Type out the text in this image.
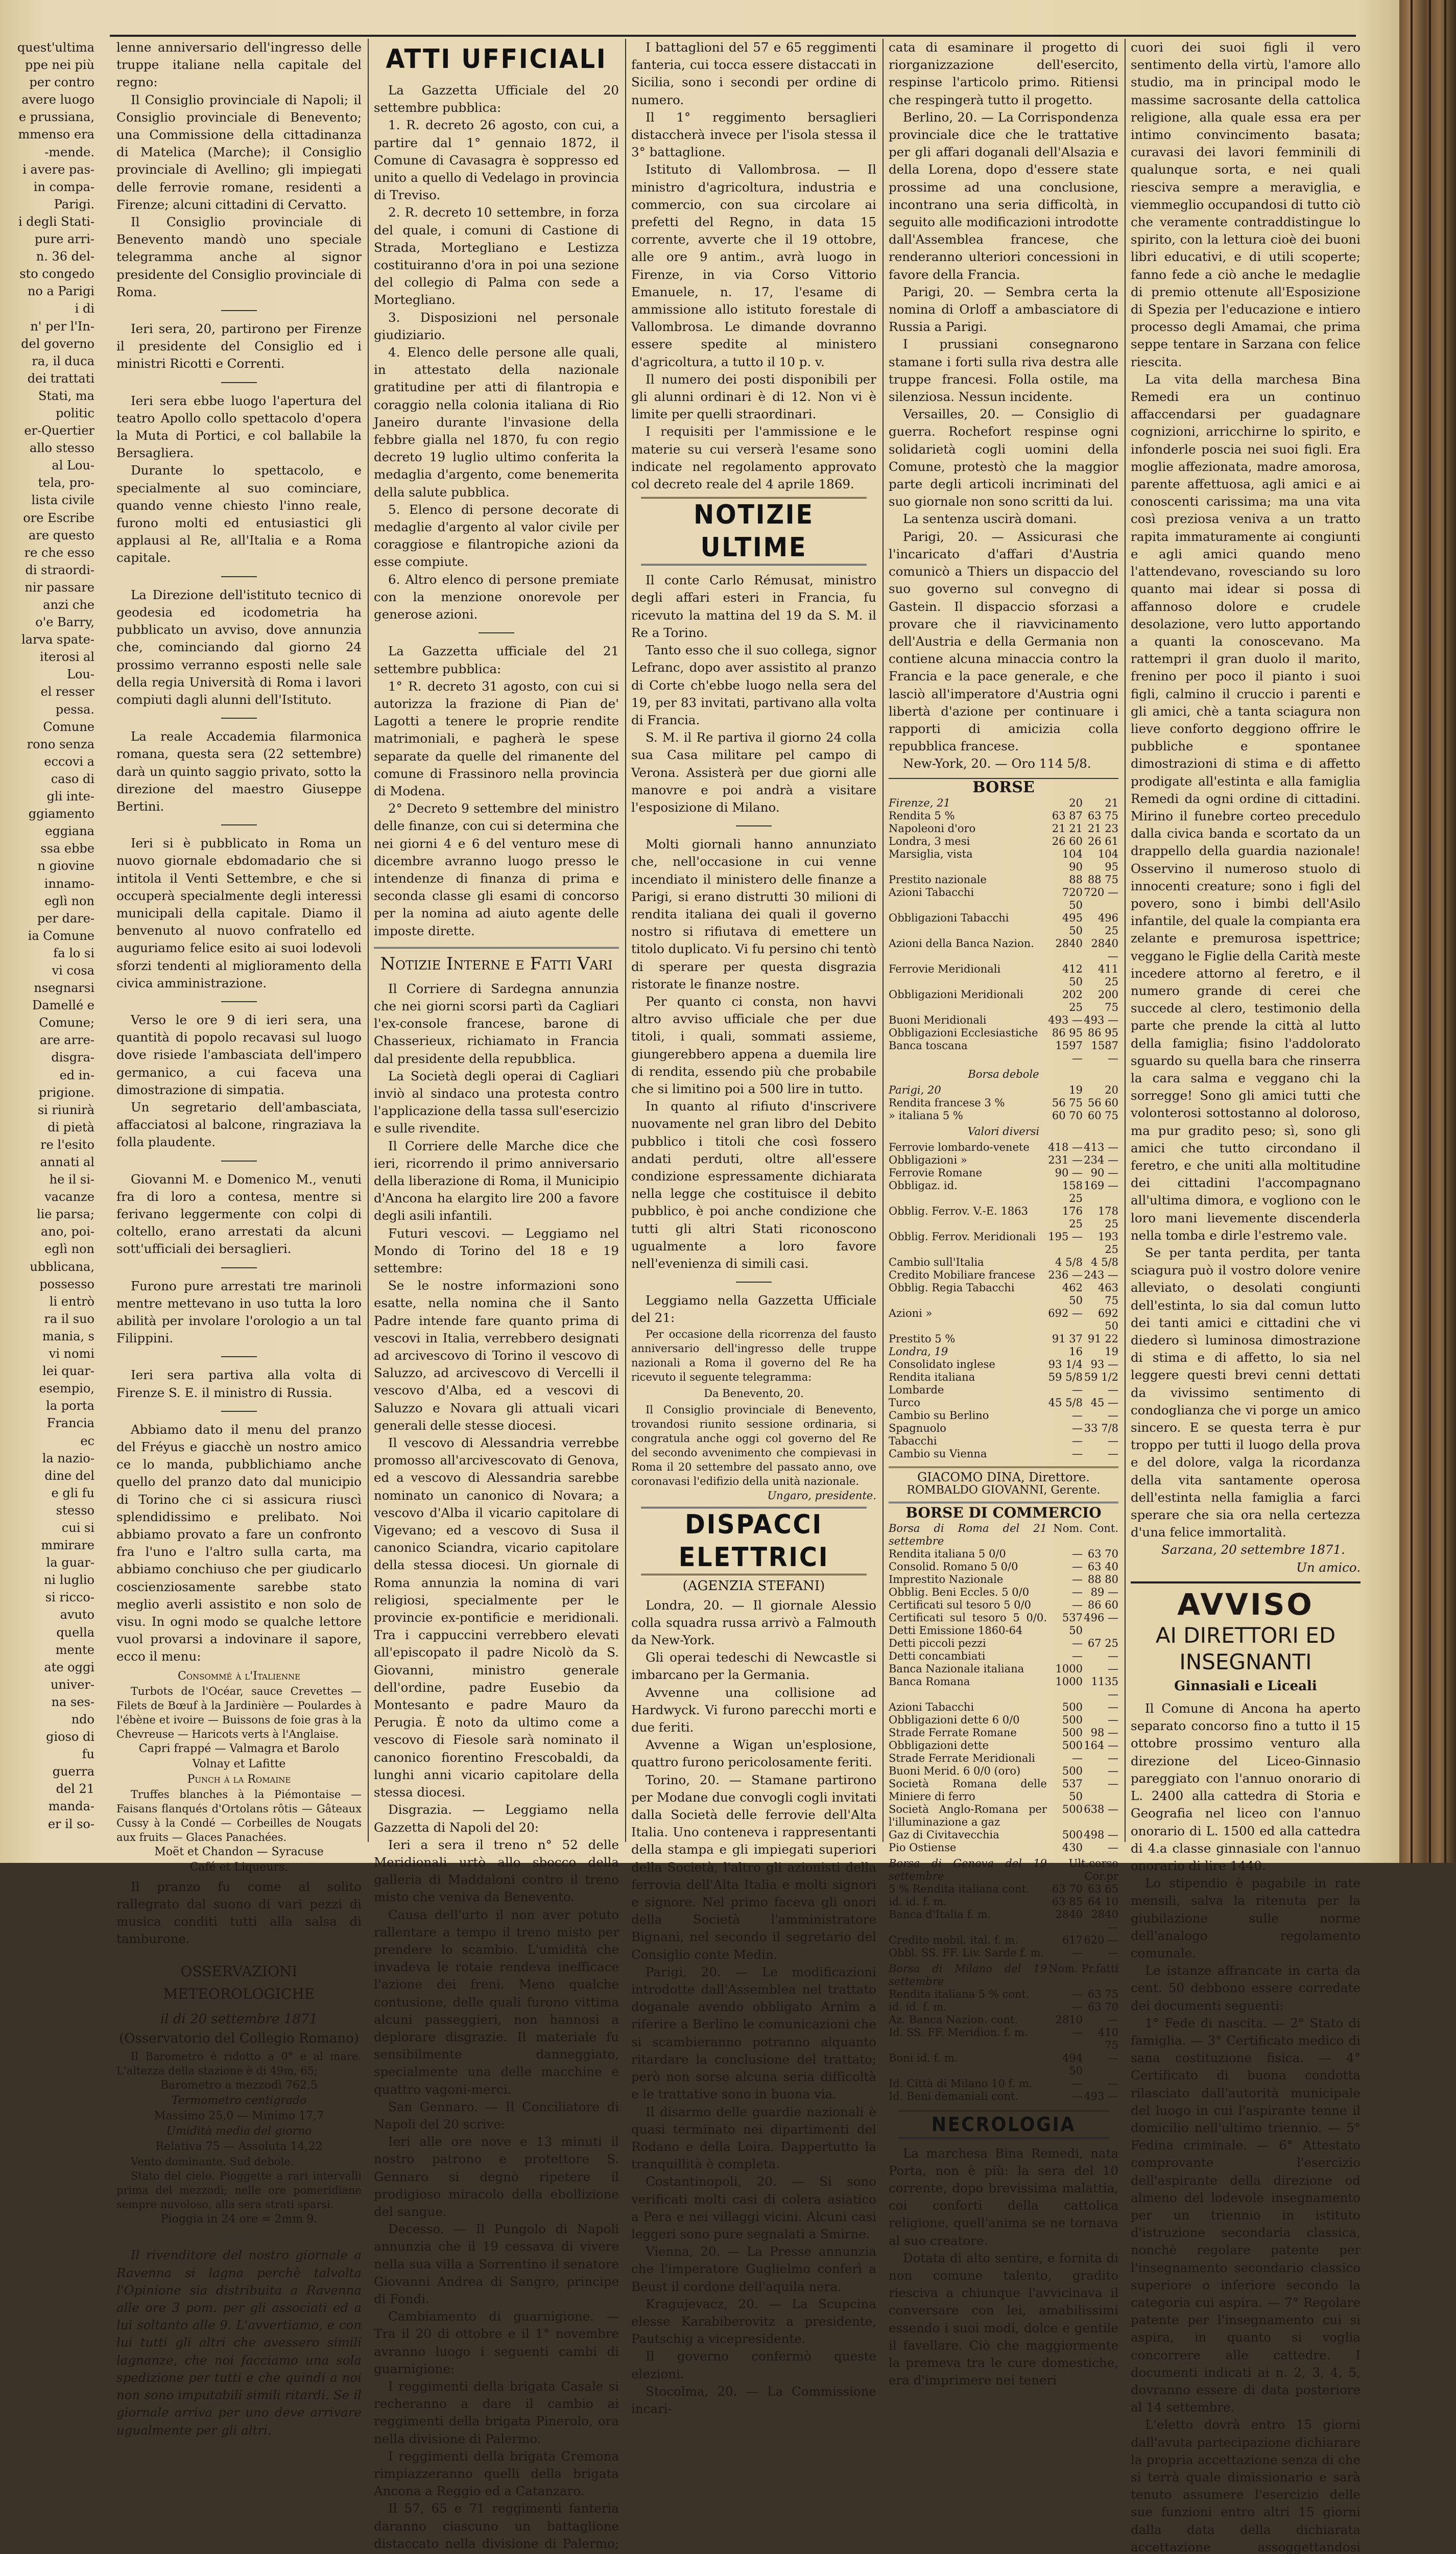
quest'ultima
ppe nei più
per contro
avere luogo
e prussiana,
mmenso era
-mende.
i avere pas-
in compa-
Parigi.
i degli Stati-
pure arri-
n. 36 del-
sto congedo
no a Parigi
i di
n' per l'In-
del governo
ra, il duca
dei trattati
Stati, ma
politic
er-Quertier
allo stesso
al Lou-
tela, pro-
lista civile
ore Escribe
are questo
re che esso
di straordi-
nir passare
anzi che
o'e Barry,
larva spate-
iterosi al
Lou-
el resser
pessa.
Comune
rono senza
eccovi a
caso di
gli inte-
ggiamento
eggiana
ssa ebbe
n giovine
innamo-
eglì non
per dare-
ia Comune
fa lo si
vi cosa
nsegnarsi
Damellé e
Comune;
are arre-
disgra-
ed in-
prigione.
si riunirà
di pietà
re l'esito
annati al
he il si-
vacanze
lie parsa;
ano, poi-
eglì non
ubblicana,
possesso
li entrò
ra il suo
mania, s
vi nomi
lei quar-
esempio,
la porta
Francia
ec
la nazio-
dine del
e gli fu
stesso
cui si
mmirare
la guar-
ni luglio
si ricco-
avuto
quella
mente
ate oggi
univer-
na ses-
ndo
gioso di
fu
guerra
del 21
manda-
er il so-

lenne anniversario dell'ingresso delle truppe italiane nella capitale del regno:

Il Consiglio provinciale di Napoli; il Consiglio provinciale di Benevento; una Commissione della cittadinanza di Matelica (Marche); il Consiglio provinciale di Avellino; gli impiegati delle ferrovie romane, residenti a Firenze; alcuni cittadini di Cervatto.

Il Consiglio provinciale di Benevento mandò uno speciale telegramma anche al signor presidente del Consiglio provinciale di Roma.

Ieri sera, 20, partirono per Firenze il presidente del Consiglio ed i ministri Ricotti e Correnti.

Ieri sera ebbe luogo l'apertura del teatro Apollo collo spettacolo d'opera la Muta di Portici, e col ballabile la Bersagliera.

Durante lo spettacolo, e specialmente al suo cominciare, quando venne chiesto l'inno reale, furono molti ed entusiastici gli applausi al Re, all'Italia e a Roma capitale.

La Direzione dell'istituto tecnico di geodesia ed icodometria ha pubblicato un avviso, dove annunzia che, cominciando dal giorno 24 prossimo verranno esposti nelle sale della regia Università di Roma i lavori compiuti dagli alunni dell'Istituto.

La reale Accademia filarmonica romana, questa sera (22 settembre) darà un quinto saggio privato, sotto la direzione del maestro Giuseppe Bertini.

Ieri si è pubblicato in Roma un nuovo giornale ebdomadario che si intitola il Venti Settembre, e che si occuperà specialmente degli interessi municipali della capitale. Diamo il benvenuto al nuovo confratello ed auguriamo felice esito ai suoi lodevoli sforzi tendenti al miglioramento della civica amministrazione.

Verso le ore 9 di ieri sera, una quantità di popolo recavasi sul luogo dove risiede l'ambasciata dell'impero germanico, a cui faceva una dimostrazione di simpatia.

Un segretario dell'ambasciata, affacciatosi al balcone, ringraziava la folla plaudente.

Giovanni M. e Domenico M., venuti fra di loro a contesa, mentre si ferivano leggermente con colpi di coltello, erano arrestati da alcuni sott'ufficiali dei bersaglieri.

Furono pure arrestati tre marinoli mentre mettevano in uso tutta la loro abilità per involare l'orologio a un tal Filippini.

Ieri sera partiva alla volta di Firenze S. E. il ministro di Russia.

Abbiamo dato il menu del pranzo del Fréyus e giacchè un nostro amico ce lo manda, pubblichiamo anche quello del pranzo dato dal municipio di Torino che ci si assicura riuscì splendidissimo e prelibato. Noi abbiamo provato a fare un confronto fra l'uno e l'altro sulla carta, ma abbiamo conchiuso che per giudicarlo coscienziosamente sarebbe stato meglio averli assistito e non solo de visu. In ogni modo se qualche lettore vuol provarsi a indovinare il sapore, ecco il menu:

Consommé à l'Italienne

Turbots de l'Océar, sauce Crevettes — Filets de Bœuf à la Jardinière — Poulardes à l'ébène et ivoire — Buissons de foie gras à la Chevreuse — Haricots verts à l'Anglaise.

Capri frappé — Valmagra et Barolo
Volnay et Lafitte
Punch à la Romaine

Truffes blanches à la Piémontaise — Faisans flanqués d'Ortolans rôtis — Gâteaux Cussy à la Condé — Corbeilles de Nougats aux fruits — Glaces Panachées.

Moët et Chandon — Syracuse
Café et Liqueurs.

Il pranzo fu come al solito rallegrato dal suono di vari pezzi di musica conditi tutti alla salsa di tamburone.

OSSERVAZIONI METEOROLOGICHE
il di 20 settembre 1871
(Osservatorio del Collegio Romano)

Il Barometro è ridotto a 0° e al mare. L'altezza della stazione è di 49m, 65;

Barometro a mezzodì 762,5
Termometro centigrado
Massimo 25,0 — Minimo 17,7
Umidità media del giorno
Relativa 75 — Assoluta 14,22

Vento dominante. Sud debole.

Stato del cielo. Pioggette a rari intervalli prima del mezzodì; nelle ore pomeridiane sempre nuvoloso, alla sera strati sparsi.

Pioggia in 24 ore = 2mm 9.

Il rivenditore del nostro giornale a Ravenna si lagna perchè talvolta l'Opinione sia distribuita a Ravenna alle ore 3 pom. per gli associati ed a lui soltanto alle 9. L'avvertiamo, e con lui tutti gli altri che avessero simili lagnanze, che noi facciamo una sola spedizione per tutti e che quindi a noi non sono imputabili simili ritardi. Se il giornale arriva per uno deve arrivare ugualmente per gli altri.

ATTI UFFICIALI

La Gazzetta Ufficiale del 20 settembre pubblica:

1. R. decreto 26 agosto, con cui, a partire dal 1° gennaio 1872, il Comune di Cavasagra è soppresso ed unito a quello di Vedelago in provincia di Treviso.

2. R. decreto 10 settembre, in forza del quale, i comuni di Castione di Strada, Mortegliano e Lestizza costituiranno d'ora in poi una sezione del collegio di Palma con sede a Mortegliano.

3. Disposizioni nel personale giudiziario.

4. Elenco delle persone alle quali, in attestato della nazionale gratitudine per atti di filantropia e coraggio nella colonia italiana di Rio Janeiro durante l'invasione della febbre gialla nel 1870, fu con regio decreto 19 luglio ultimo conferita la medaglia d'argento, come benemerita della salute pubblica.

5. Elenco di persone decorate di medaglie d'argento al valor civile per coraggiose e filantropiche azioni da esse compiute.

6. Altro elenco di persone premiate con la menzione onorevole per generose azioni.

La Gazzetta ufficiale del 21 settembre pubblica:

1° R. decreto 31 agosto, con cui si autorizza la frazione di Pian de' Lagotti a tenere le proprie rendite matrimoniali, e pagherà le spese separate da quelle del rimanente del comune di Frassinoro nella provincia di Modena.

2° Decreto 9 settembre del ministro delle finanze, con cui si determina che nei giorni 4 e 6 del venturo mese di dicembre avranno luogo presso le intendenze di finanza di prima e seconda classe gli esami di concorso per la nomina ad aiuto agente delle imposte dirette.

Notizie Interne e Fatti Vari

Il Corriere di Sardegna annunzia che nei giorni scorsi partì da Cagliari l'ex-console francese, barone di Chasserieux, richiamato in Francia dal presidente della repubblica.

La Società degli operai di Cagliari inviò al sindaco una protesta contro l'applicazione della tassa sull'esercizio e sulle rivendite.

Il Corriere delle Marche dice che ieri, ricorrendo il primo anniversario della liberazione di Roma, il Municipio d'Ancona ha elargito lire 200 a favore degli asili infantili.

Futuri vescovi. — Leggiamo nel Mondo di Torino del 18 e 19 settembre:

Se le nostre informazioni sono esatte, nella nomina che il Santo Padre intende fare quanto prima di vescovi in Italia, verrebbero designati ad arcivescovo di Torino il vescovo di Saluzzo, ad arcivescovo di Vercelli il vescovo d'Alba, ed a vescovi di Saluzzo e Novara gli attuali vicari generali delle stesse diocesi.

Il vescovo di Alessandria verrebbe promosso all'arcivescovato di Genova, ed a vescovo di Alessandria sarebbe nominato un canonico di Novara; a vescovo d'Alba il vicario capitolare di Vigevano; ed a vescovo di Susa il canonico Sciandra, vicario capitolare della stessa diocesi. Un giornale di Roma annunzia la nomina di vari religiosi, specialmente per le provincie ex-pontificie e meridionali. Tra i cappuccini verrebbero elevati all'episcopato il padre Nicolò da S. Giovanni, ministro generale dell'ordine, padre Eusebio da Montesanto e padre Mauro da Perugia. È noto da ultimo come a vescovo di Fiesole sarà nominato il canonico fiorentino Frescobaldi, da lunghi anni vicario capitolare della stessa diocesi.

Disgrazia. — Leggiamo nella Gazzetta di Napoli del 20:

Ieri a sera il treno n° 52 delle Meridionali urtò allo sbocco della galleria di Maddaloni contro il treno misto che veniva da Benevento.

Causa dell'urto il non aver potuto rallentare a tempo il treno misto per prendere lo scambio. L'umidità che invadeva le rotaie rendeva inefficace l'azione dei freni. Meno qualche contusione, delle quali furono vittima alcuni passeggieri, non hannosi a deplorare disgrazie. Il materiale fu sensibilmente danneggiato, specialmente una delle macchine e quattro vagoni-merci.

San Gennaro. — Il Conciliatore di Napoli del 20 scrive:

Ieri alle ore nove e 13 minuti il nostro patrono e protettore S. Gennaro si degnò ripetere il prodigioso miracolo della ebollizione del sangue.

Decesso. — Il Pungolo di Napoli annunzia che il 19 cessava di vivere nella sua villa a Sorrentino il senatore Giovanni Andrea di Sangro, principe di Fondi.

Cambiamento di guarnigione. — Tra il 20 di ottobre e il 1° novembre avranno luogo i seguenti cambi di guarnigione:

I reggimenti della brigata Casale si recheranno a dare il cambio ai reggimenti della brigata Pinerolo, ora nella divisione di Palermo.

I reggimenti della brigata Cremona rimpiazzeranno quelli della brigata Ancona a Reggio ed a Catanzaro.

Il 57, 65 e 71 reggimenti fanteria daranno ciascuno un battaglione distaccato nella divisione di Palermo;

I battaglioni del 57 e 65 reggimenti fanteria, cui tocca essere distaccati in Sicilia, sono i secondi per ordine di numero.

Il 1° reggimento bersaglieri distaccherà invece per l'isola stessa il 3° battaglione.

Istituto di Vallombrosa. — Il ministro d'agricoltura, industria e commercio, con sua circolare ai prefetti del Regno, in data 15 corrente, avverte che il 19 ottobre, alle ore 9 antim., avrà luogo in Firenze, in via Corso Vittorio Emanuele, n. 17, l'esame di ammissione allo istituto forestale di Vallombrosa. Le dimande dovranno essere spedite al ministero d'agricoltura, a tutto il 10 p. v.

Il numero dei posti disponibili per gli alunni ordinari è di 12. Non vi è limite per quelli straordinari.

I requisiti per l'ammissione e le materie su cui verserà l'esame sono indicate nel regolamento approvato col decreto reale del 4 aprile 1869.

NOTIZIE ULTIME

Il conte Carlo Rémusat, ministro degli affari esteri in Francia, fu ricevuto la mattina del 19 da S. M. il Re a Torino.

Tanto esso che il suo collega, signor Lefranc, dopo aver assistito al pranzo di Corte ch'ebbe luogo nella sera del 19, per 83 invitati, partivano alla volta di Francia.

S. M. il Re partiva il giorno 24 colla sua Casa militare pel campo di Verona. Assisterà per due giorni alle manovre e poi andrà a visitare l'esposizione di Milano.

Molti giornali hanno annunziato che, nell'occasione in cui venne incendiato il ministero delle finanze a Parigi, si erano distrutti 30 milioni di rendita italiana dei quali il governo nostro si rifiutava di emettere un titolo duplicato. Vi fu persino chi tentò di sperare per questa disgrazia ristorate le finanze nostre.

Per quanto ci consta, non havvi altro avviso ufficiale che per due titoli, i quali, sommati assieme, giungerebbero appena a duemila lire di rendita, essendo più che probabile che si limitino poi a 500 lire in tutto.

In quanto al rifiuto d'inscrivere nuovamente nel gran libro del Debito pubblico i titoli che così fossero andati perduti, oltre all'essere condizione espressamente dichiarata nella legge che costituisce il debito pubblico, è poi anche condizione che tutti gli altri Stati riconoscono ugualmente a loro favore nell'evenienza di simili casi.

Leggiamo nella Gazzetta Ufficiale del 21:

Per occasione della ricorrenza del fausto anniversario dell'ingresso delle truppe nazionali a Roma il governo del Re ha ricevuto il seguente telegramma:

Da Benevento, 20.

Il Consiglio provinciale di Benevento, trovandosi riunito sessione ordinaria, si congratula anche oggi col governo del Re del secondo avvenimento che compievasi in Roma il 20 settembre del passato anno, ove coronavasi l'edifizio della unità nazionale.

Ungaro, presidente.
DISPACCI ELETTRICI
(AGENZIA STEFANI)

Londra, 20. — Il giornale Alessio colla squadra russa arrivò a Falmouth da New-York.

Gli operai tedeschi di Newcastle si imbarcano per la Germania.

Avvenne una collisione ad Hardwyck. Vi furono parecchi morti e due feriti.

Avvenne a Wigan un'esplosione, quattro furono pericolosamente feriti.

Torino, 20. — Stamane partirono per Modane due convogli cogli invitati dalla Società delle ferrovie dell'Alta Italia. Uno conteneva i rappresentanti della stampa e gli impiegati superiori della Società, l'altro gli azionisti della ferrovia dell'Alta Italia e molti signori e signore. Nel primo faceva gli onori della Società l'amministratore Bignani, nel secondo il segretario del Consiglio conte Medin.

Parigi, 20. — Le modificazioni introdotte dall'Assemblea nel trattato doganale avendo obbligato Arnim a riferire a Berlino le comunicazioni che si scambieranno potranno alquanto ritardare la conclusione del trattato; però non sorse alcuna seria difficoltà e le trattative sono in buona via.

Il disarmo delle guardie nazionali è quasi terminato nei dipartimenti del Rodano e della Loira. Dappertutto la tranquillità è completa.

Costantinopoli, 20. — Si sono verificati molti casi di colera asiatico a Pera e nei villaggi vicini. Alcuni casi leggeri sono pure segnalati a Smirne.

Vienna, 20. — La Presse annunzia che l'imperatore Guglielmo conferì a Beust il cordone dell'aquila nera.

Kragujevacz, 20. — La Scupcina elesse Karabiberovitz a presidente, Pautschig a vicepresidente.

Il governo confermò queste elezioni.

Stocolma, 20. — La Commissione incari-

cata di esaminare il progetto di riorganizzazione dell'esercito, respinse l'articolo primo. Ritiensi che respingerà tutto il progetto.

Berlino, 20. — La Corrispondenza provinciale dice che le trattative per gli affari doganali dell'Alsazia e della Lorena, dopo d'essere state prossime ad una conclusione, incontrano una seria difficoltà, in seguito alle modificazioni introdotte dall'Assemblea francese, che renderanno ulteriori concessioni in favore della Francia.

Parigi, 20. — Sembra certa la nomina di Orloff a ambasciatore di Russia a Parigi.

I prussiani consegnarono stamane i forti sulla riva destra alle truppe francesi. Folla ostile, ma silenziosa. Nessun incidente.

Versailles, 20. — Consiglio di guerra. Rochefort respinse ogni solidarietà cogli uomini della Comune, protestò che la maggior parte degli articoli incriminati del suo giornale non sono scritti da lui.

La sentenza uscirà domani.

Parigi, 20. — Assicurasi che l'incaricato d'affari d'Austria comunicò a Thiers un dispaccio del suo governo sul convegno di Gastein. Il dispaccio sforzasi a provare che il riavvicinamento dell'Austria e della Germania non contiene alcuna minaccia contro la Francia e la pace generale, e che lasciò all'imperatore d'Austria ogni libertà d'azione per continuare i rapporti di amicizia colla repubblica francese.

New-York, 20. — Oro 114 5/8.

BORSE
Firenze, 21	20	21
Rendita 5 %	63 87 63 75
Napoleoni d'oro	21 21 21 23
Londra, 3 mesi	26 60 26 61
Marsiglia, vista	104 90
104 95
Prestito nazionale	88 88 75
Azioni Tabacchi	720 50
720 —
Obbligazioni Tabacchi	495 50
496 25
Azioni della Banca Nazion.	2840 2840 —
Ferrovie Meridionali	412 50
411 25
Obbligazioni Meridionali	202 25
200 75
Buoni Meridionali	493 — 493 —
Obbligazioni Ecclesiastiche	86 95 86 95
Banca toscana	1597 —
1587 —
Borsa debole
Parigi, 20	19	20
Rendita francese 3 %	56 75 56 60
» italiana 5 %	60 70 60 75
Valori diversi
Ferrovie lombardo-venete	418 — 413 —
Obbligazioni »	231 — 234 —
Ferrovie Romane	90 — 90 —
Obbligaz. id.	158 25
169 —
Obblig. Ferrov. V.-E. 1863	176 25
178 25
Obblig. Ferrov. Meridionali	195 —	193 25
Cambio sull'Italia	4 5/8 4 5/8
Credito Mobiliare francese	236 — 243 —
Obblig. Regia Tabacchi	462 50
463 75
Azioni »	692 —	692 50
Prestito 5 %	91 37 91 22
Londra, 19	16	19
Consolidato inglese	93 1/4 93 —
Rendita italiana	59 5/8 59 1/2
Lombarde	—	—
Turco	45 5/8 45 —
Cambio su Berlino	—	—
Spagnuolo	— 33 7/8
Tabacchi	—	—
Cambio su Vienna	—	—
GIACOMO DINA, Direttore.
ROMBALDO GIOVANNI, Gerente.
BORSE DI COMMERCIO
Borsa di Roma del 21 settembre
Nom. Cont.
Rendita italiana 5 0/0	— 63 70
Consolid. Romano 5 0/0	— 63 40
Imprestito Nazionale	— 88 80
Obblig. Beni Eccles. 5 0/0	— 89 —
Certificati sul tesoro 5 0/0	— 86 60
Certificati sul tesoro 5 0/0. Detti Emissione 1860-64
537 50
496 —
Detti piccoli pezzi	— 67 25
Detti concambiati	—	—
Banca Nazionale italiana	1000	—
Banca Romana	1000 1135 —
Azioni Tabacchi	500	—
Obbligazioni dette 6 0/0	500	—
Strade Ferrate Romane	500 98 —
Obbligazioni dette	500 164 —
Strade Ferrate Meridionali	—	—
Buoni Merid. 6 0/0 (oro)	500	—
Società Romana delle Miniere di ferro
537 50
—
Società Anglo-Romana per l'illuminazione a gaz
500 638 —
Gaz di Civitavecchia	500 498 —
Pio Ostiense	430	—
Borsa di Genova del 19 settembre
Ult.corso Cor.pr
5 % Rendita italiana cont.	63 70 63 65
id. id. f. m.	63 85 64 10
Banca d'Italia f. m.	2840 2840 —
Credito mobil. ital. f. m.	617 620 —
Obbl. SS. FF. Liv. Sarde f. m.	—	—
Borsa di Milano del 19 settembre
Nom. Pr.fatti
Rendita italiana 5 % cont.	— 63 75
id. id. f. m.	— 63 70
Az. Banca Nazion. cont.	2810	—
Id. SS. FF. Meridion. f. m.	—	410 75
Boni id. f. m.	494 50
—
Id. Città di Milano 10 f. m.	—	—
Id. Beni demaniali cont.	— 493 —
NECROLOGIA

La marchesa Bina Remedi, nata Porta, non è più: la sera del 10 corrente, dopo brevissima malattia, coi conforti della cattolica religione, quell'anima se ne tornava al suo creatore.

Dotata di alto sentire, e fornita di non comune talento, gradito riesciva a chiunque l'avvicinava il conversare con lei, amabilissimi essendo i suoi modi, dolce e gentile il favellare. Ciò che maggiormente la premeva tra le cure domestiche, era d'imprimere nei teneri

cuori dei suoi figli il vero sentimento della virtù, l'amore allo studio, ma in principal modo le massime sacrosante della cattolica religione, alla quale essa era per intimo convincimento basata; curavasi dei lavori femminili di qualunque sorta, e nei quali riesciva sempre a meraviglia, e viemmeglio occupandosi di tutto ciò che veramente contraddistingue lo spirito, con la lettura cioè dei buoni libri educativi, e di utili scoperte; fanno fede a ciò anche le medaglie di premio ottenute all'Esposizione di Spezia per l'educazione e intiero processo degli Amamai, che prima seppe tentare in Sarzana con felice riescita.

La vita della marchesa Bina Remedi era un continuo affaccendarsi per guadagnare cognizioni, arricchirne lo spirito, e infonderle poscia nei suoi figli. Era moglie affezionata, madre amorosa, parente affettuosa, agli amici e ai conoscenti carissima; ma una vita così preziosa veniva a un tratto rapita immaturamente ai congiunti e agli amici quando meno l'attendevano, rovesciando su loro quanto mai idear si possa di affannoso dolore e crudele desolazione, vero lutto apportando a quanti la conoscevano. Ma rattempri il gran duolo il marito, frenino per poco il pianto i suoi figli, calmino il cruccio i parenti e gli amici, chè a tanta sciagura non lieve conforto deggiono offrire le pubbliche e spontanee dimostrazioni di stima e di affetto prodigate all'estinta e alla famiglia Remedi da ogni ordine di cittadini. Mirino il funebre corteo precedulo dalla civica banda e scortato da un drappello della guardia nazionale! Osservino il numeroso stuolo di innocenti creature; sono i figli del povero, sono i bimbi dell'Asilo infantile, del quale la compianta era zelante e premurosa ispettrice; veggano le Figlie della Carità meste incedere attorno al feretro, e il numero grande di cerei che succede al clero, testimonio della parte che prende la città al lutto della famiglia; fisino l'addolorato sguardo su quella bara che rinserra la cara salma e veggano chi la sorregge! Sono gli amici tutti che volonterosi sottostanno al doloroso, ma pur gradito peso; sì, sono gli amici che tutto circondano il feretro, e che uniti alla moltitudine dei cittadini l'accompagnano all'ultima dimora, e vogliono con le loro mani lievemente discenderla nella tomba e dirle l'estremo vale.

Se per tanta perdita, per tanta sciagura può il vostro dolore venire alleviato, o desolati congiunti dell'estinta, lo sia dal comun lutto dei tanti amici e cittadini che vi diedero sì luminosa dimostrazione di stima e di affetto, lo sia nel leggere questi brevi cenni dettati da vivissimo sentimento di condoglianza che vi porge un amico sincero. E se questa terra è pur troppo per tutti il luogo della prova e del dolore, valga la ricordanza della vita santamente operosa dell'estinta nella famiglia a farci sperare che sia ora nella certezza d'una felice immortalità.

Sarzana, 20 settembre 1871.
Un amico.
AVVISO
AI DIRETTORI ED INSEGNANTI
Ginnasiali e Liceali

Il Comune di Ancona ha aperto separato concorso fino a tutto il 15 ottobre prossimo venturo alla direzione del Liceo-Ginnasio pareggiato con l'annuo onorario di L. 2400 alla cattedra di Storia e Geografia nel liceo con l'annuo onorario di L. 1500 ed alla cattedra di 4.a classe ginnasiale con l'annuo onorario di lire 1440.

Lo stipendio è pagabile in rate mensili, salva la ritenuta per la giubilazione sulle norme dell'analogo regolamento comunale.

Le istanze affrancate in carta da cent. 50 debbono essere corredate dei documenti seguenti:

1° Fede di nascita. — 2° Stato di famiglia. — 3° Certificato medico di sana costituzione fisica. — 4° Certificato di buona condotta rilasciato dall'autorità municipale del luogo in cui l'aspirante tenne il domicilio nell'ultimo triennio. — 5° Fedina criminale. — 6° Attestato comprovante l'esercizio dell'aspirante della direzione od almeno del lodevole insegnamento per un triennio in istituto d'istruzione secondaria classica, nonchè regolare patente per l'insegnamento secondario classico superiore o inferiore secondo la categoria cui aspira. — 7° Regolare patente per l'insegnamento cui si aspira, in quanto si voglia concorrere alle cattedre. I documenti indicati ai n. 2, 3, 4, 5, dovranno essere di data posteriore al 14 settembre.

L'eletto dovrà entro 15 giorni dall'avuta partecipazione dichiarare la propria accettazione senza di che si terrà quale dimissionario e sarà tenuto assumere l'esercizio delle sue funzioni entro altri 15 giorni dalla data della dichiarata accettazione assoggettandosi
